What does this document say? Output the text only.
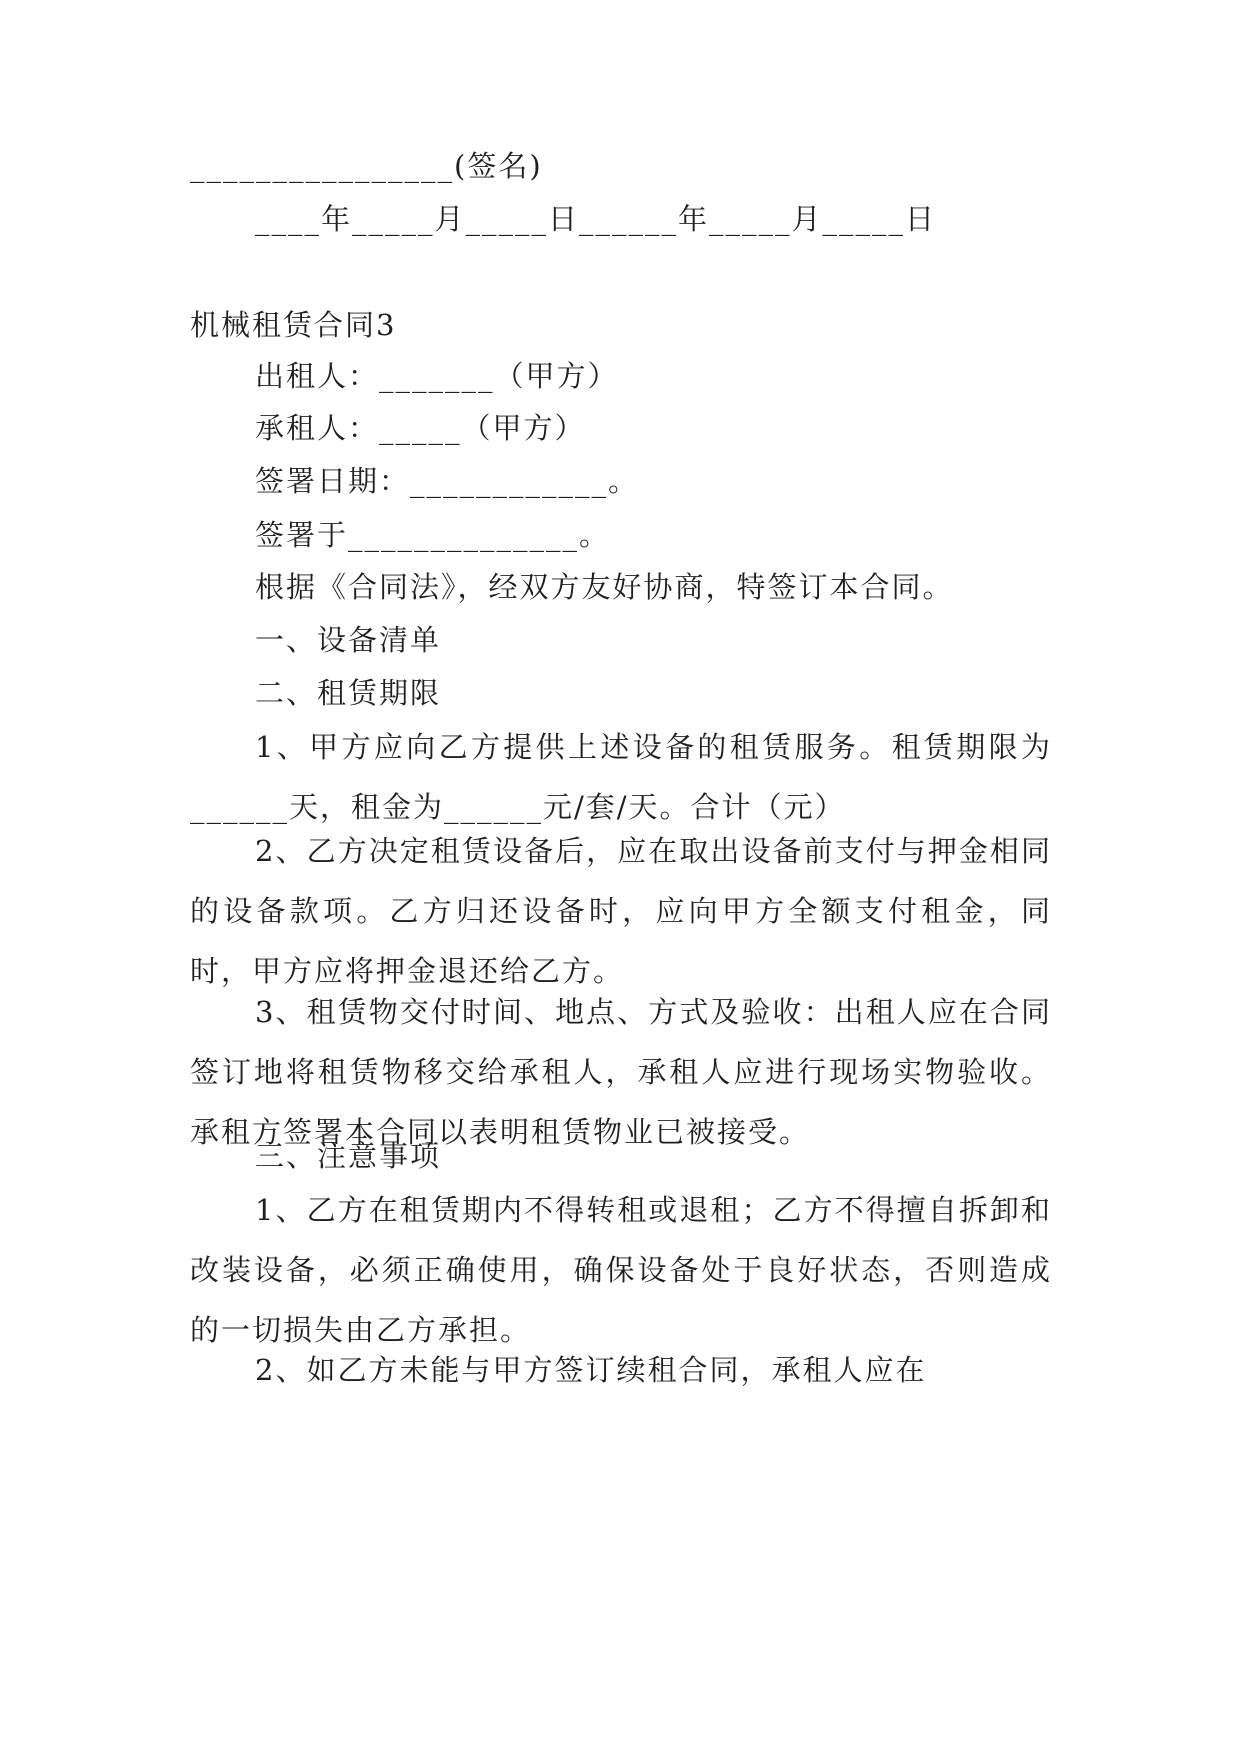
________________(签名)
____年_____月_____日______年_____月_____日
机械租赁合同3
出租人：_______（甲方）
承租人：_____（甲方）
签署日期：____________。
签署于______________。
根据《合同法》，经双方友好协商，特签订本合同。
一、设备清单
二、租赁期限
1、甲方应向乙方提供上述设备的租赁服务。租赁期限为______天，租金为______元/套/天。合计（元）
2、乙方决定租赁设备后，应在取出设备前支付与押金相同的设备款项。乙方归还设备时，应向甲方全额支付租金，同时，甲方应将押金退还给乙方。
3、租赁物交付时间、地点、方式及验收：出租人应在合同签订地将租赁物移交给承租人，承租人应进行现场实物验收。承租方签署本合同以表明租赁物业已被接受。
三、注意事项
1、乙方在租赁期内不得转租或退租；乙方不得擅自拆卸和改装设备，必须正确使用，确保设备处于良好状态，否则造成的一切损失由乙方承担。
2、如乙方未能与甲方签订续租合同，承租人应在
